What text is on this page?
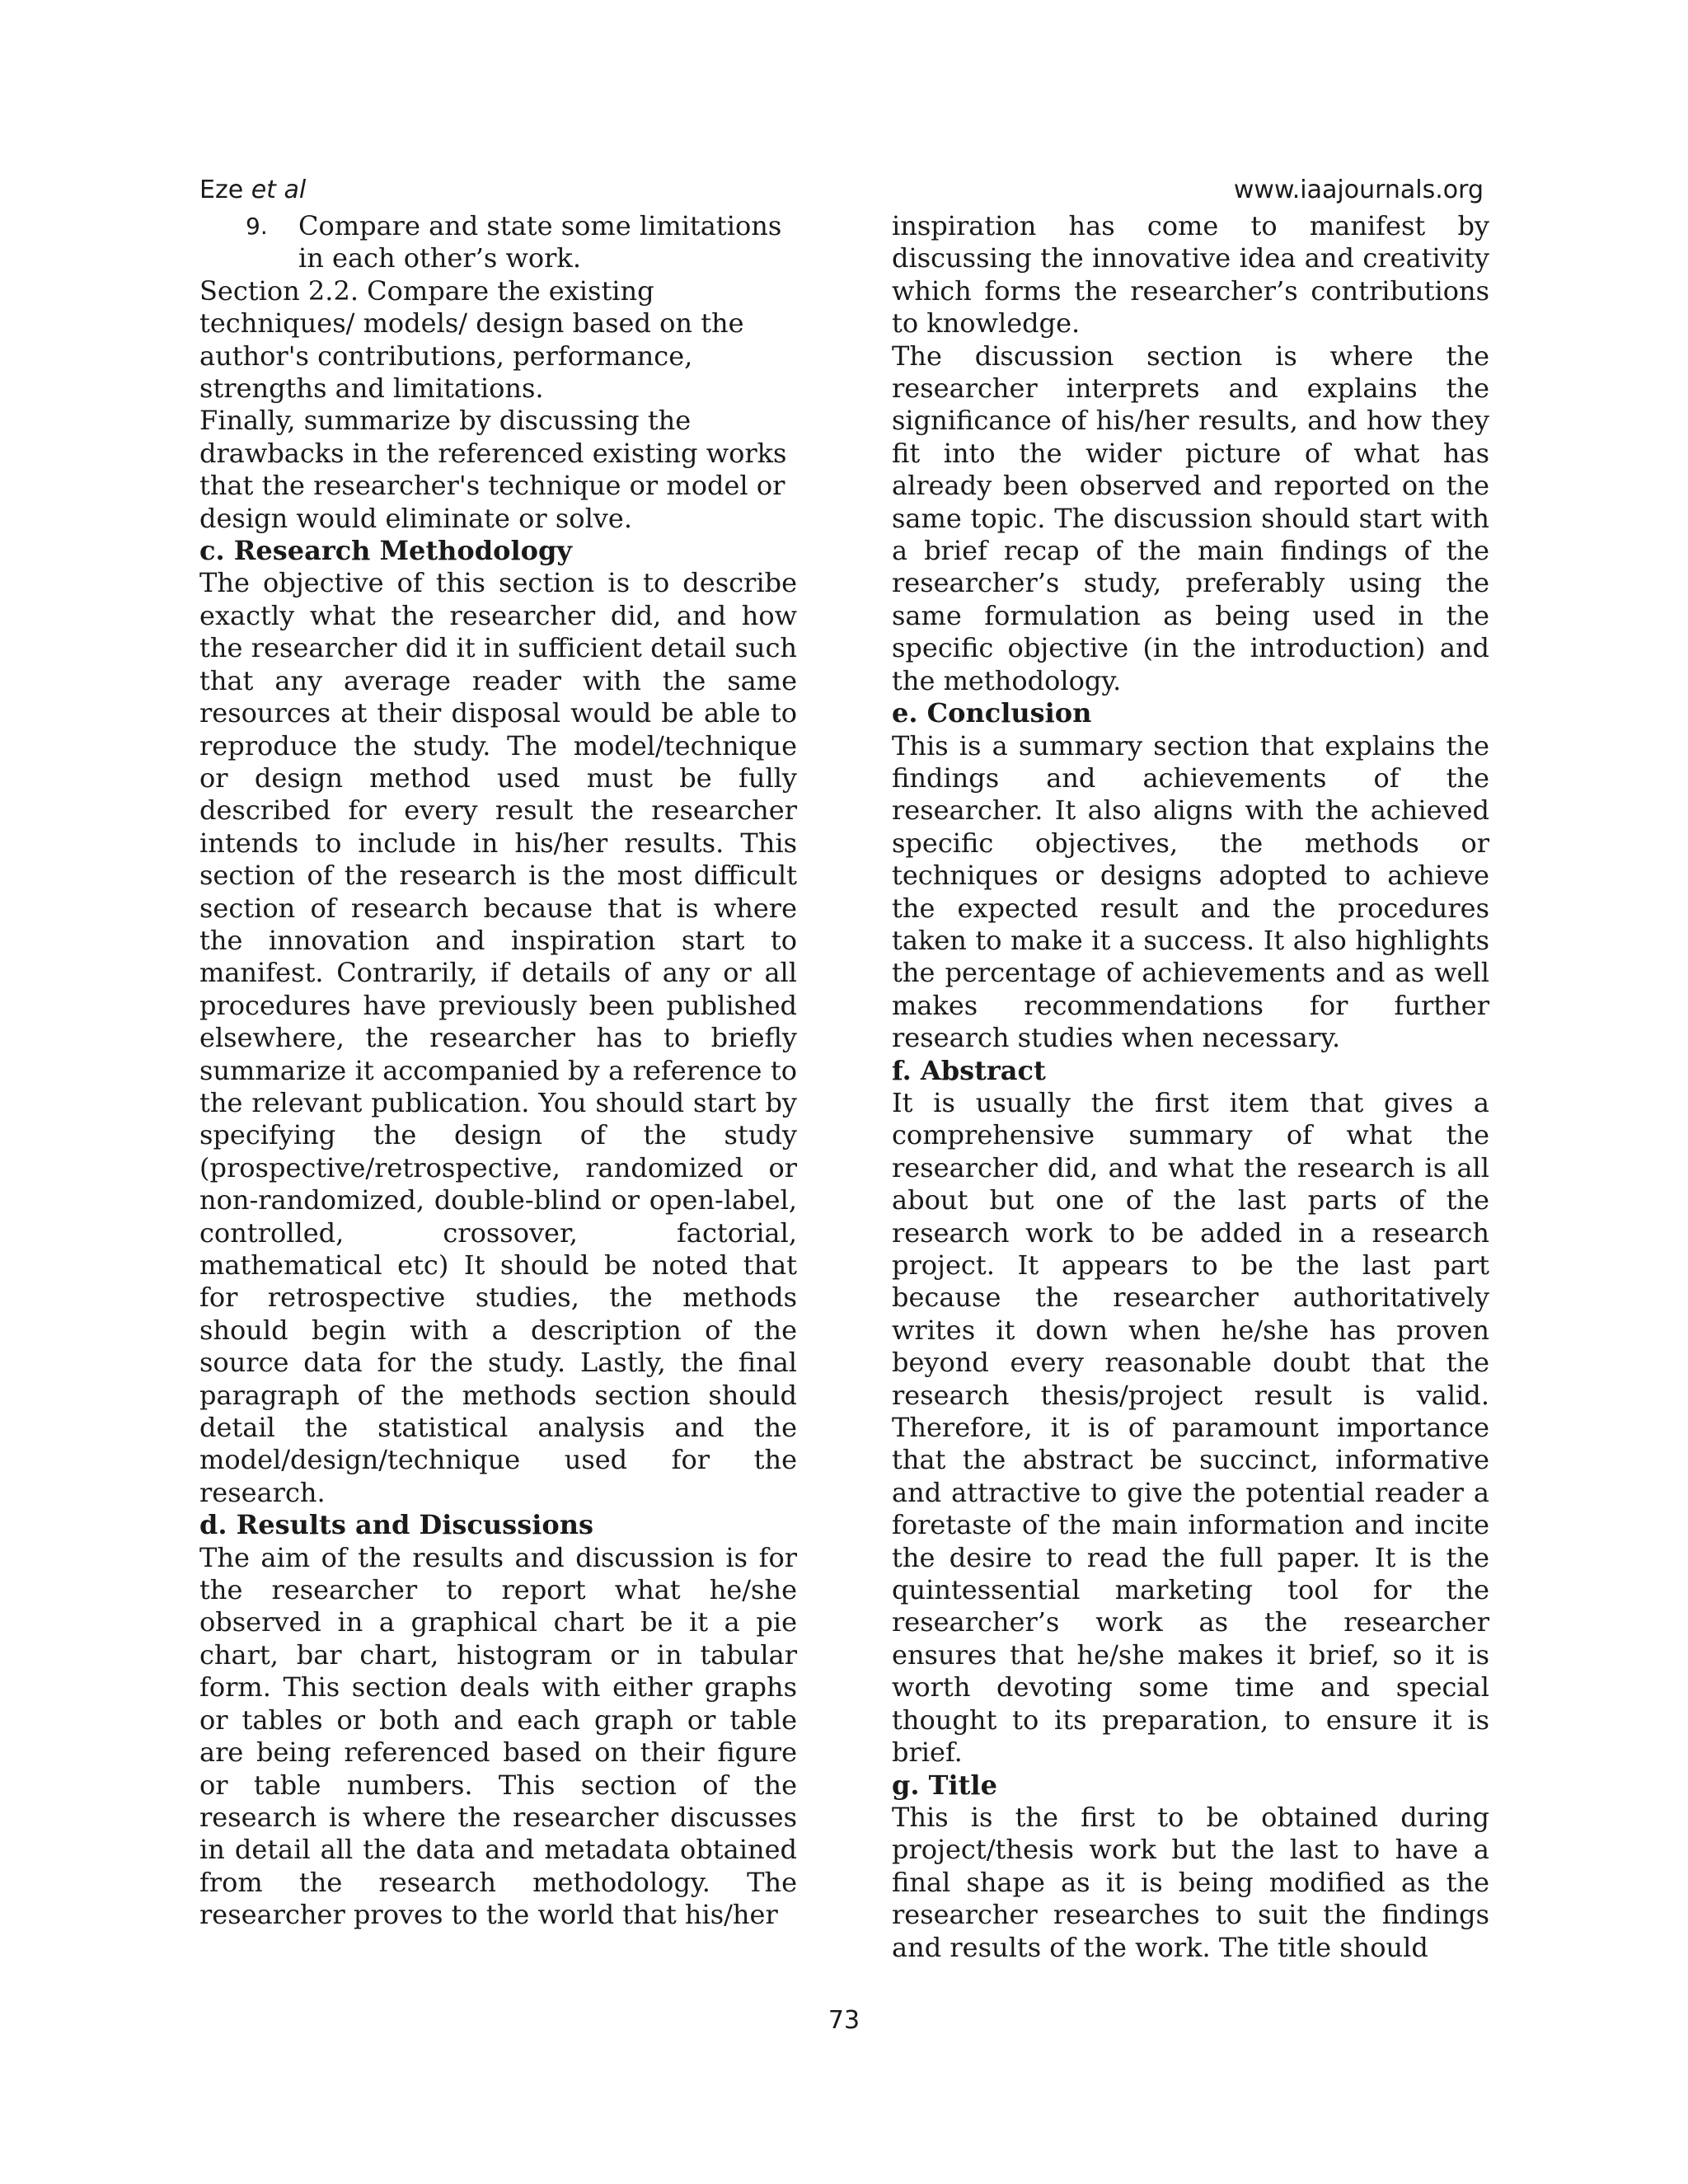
Eze et al	www.iaajournals.org
9. Compare and state some limitations in each other’s work.

Section 2.2. Compare the existing techniques/ models/ design based on the author's contributions, performance, strengths and limitations.

Finally, summarize by discussing the drawbacks in the referenced existing works that the researcher's technique or model or design would eliminate or solve.

c. Research Methodology

The objective of this section is to describe exactly what the researcher did, and how the researcher did it in sufficient detail such that any average reader with the same resources at their disposal would be able to reproduce the study. The model/technique or design method used must be fully described for every result the researcher intends to include in his/her results. This section of the research is the most difficult section of research because that is where the innovation and inspiration start to manifest. Contrarily, if details of any or all procedures have previously been published elsewhere, the researcher has to briefly summarize it accompanied by a reference to the relevant publication. You should start by specifying the design of the study (prospective/retrospective, randomized or non-randomized, double-blind or open-label, controlled, crossover, factorial, mathematical etc) It should be noted that for retrospective studies, the methods should begin with a description of the source data for the study. Lastly, the final paragraph of the methods section should detail the statistical analysis and the model/design/technique used for the research.

d. Results and Discussions

The aim of the results and discussion is for the researcher to report what he/she observed in a graphical chart be it a pie chart, bar chart, histogram or in tabular form. This section deals with either graphs or tables or both and each graph or table are being referenced based on their figure or table numbers. This section of the research is where the researcher discusses in detail all the data and metadata obtained from the research methodology. The researcher proves to the world that his/her

inspiration has come to manifest by discussing the innovative idea and creativity which forms the researcher’s contributions to knowledge.

The discussion section is where the researcher interprets and explains the significance of his/her results, and how they fit into the wider picture of what has already been observed and reported on the same topic. The discussion should start with a brief recap of the main findings of the researcher’s study, preferably using the same formulation as being used in the specific objective (in the introduction) and the methodology.

e. Conclusion

This is a summary section that explains the findings and achievements of the researcher. It also aligns with the achieved specific objectives, the methods or techniques or designs adopted to achieve the expected result and the procedures taken to make it a success. It also highlights the percentage of achievements and as well makes recommendations for further research studies when necessary.

f. Abstract

It is usually the first item that gives a comprehensive summary of what the researcher did, and what the research is all about but one of the last parts of the research work to be added in a research project. It appears to be the last part because the researcher authoritatively writes it down when he/she has proven beyond every reasonable doubt that the research thesis/project result is valid. Therefore, it is of paramount importance that the abstract be succinct, informative and attractive to give the potential reader a foretaste of the main information and incite the desire to read the full paper. It is the quintessential marketing tool for the researcher’s work as the researcher ensures that he/she makes it brief, so it is worth devoting some time and special thought to its preparation, to ensure it is brief.

g. Title

This is the first to be obtained during project/thesis work but the last to have a final shape as it is being modified as the researcher researches to suit the findings and results of the work. The title should

73
